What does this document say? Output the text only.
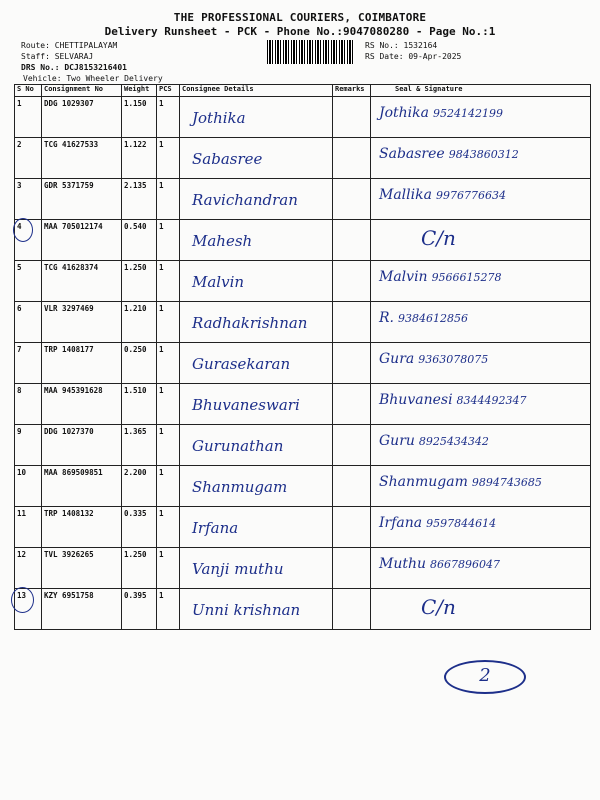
THE PROFESSIONAL COURIERS, COIMBATORE
Delivery Runsheet - PCK - Phone No.:9047080280 - Page No.:1
Route: CHETTIPALAYAM
Staff: SELVARAJ
DRS No.: DCJ8153216401
Vehicle: Two Wheeler Delivery
RS No.: 1532164
RS Date: 09-Apr-2025
S No	Consignment No	Weight	PCS	Consignee Details	Remarks	Seal & Signature

1	DDG 1029307	1.150	1	Jothika		Jothika 9524142199

2	TCG 41627533	1.122	1	Sabasree		Sabasree 9843860312

3	GDR 5371759	2.135	1	Ravichandran		Mallika 9976776634

4	MAA 705012174	0.540	1	Mahesh		C/n

5	TCG 41628374	1.250	1	Malvin		Malvin 9566615278

6	VLR 3297469	1.210	1	Radhakrishnan		R. 9384612856

7	TRP 1408177	0.250	1	Gurasekaran		Gura 9363078075

8	MAA 945391628	1.510	1	Bhuvaneswari		Bhuvanesi 8344492347

9	DDG 1027370	1.365	1	Gurunathan		Guru 8925434342

10	MAA 869509851	2.200	1	Shanmugam		Shanmugam 9894743685

11	TRP 1408132	0.335	1	Irfana		Irfana 9597844614

12	TVL 3926265	1.250	1	Vanji muthu		Muthu 8667896047

13	KZY 6951758	0.395	1	Unni krishnan		C/n
2
